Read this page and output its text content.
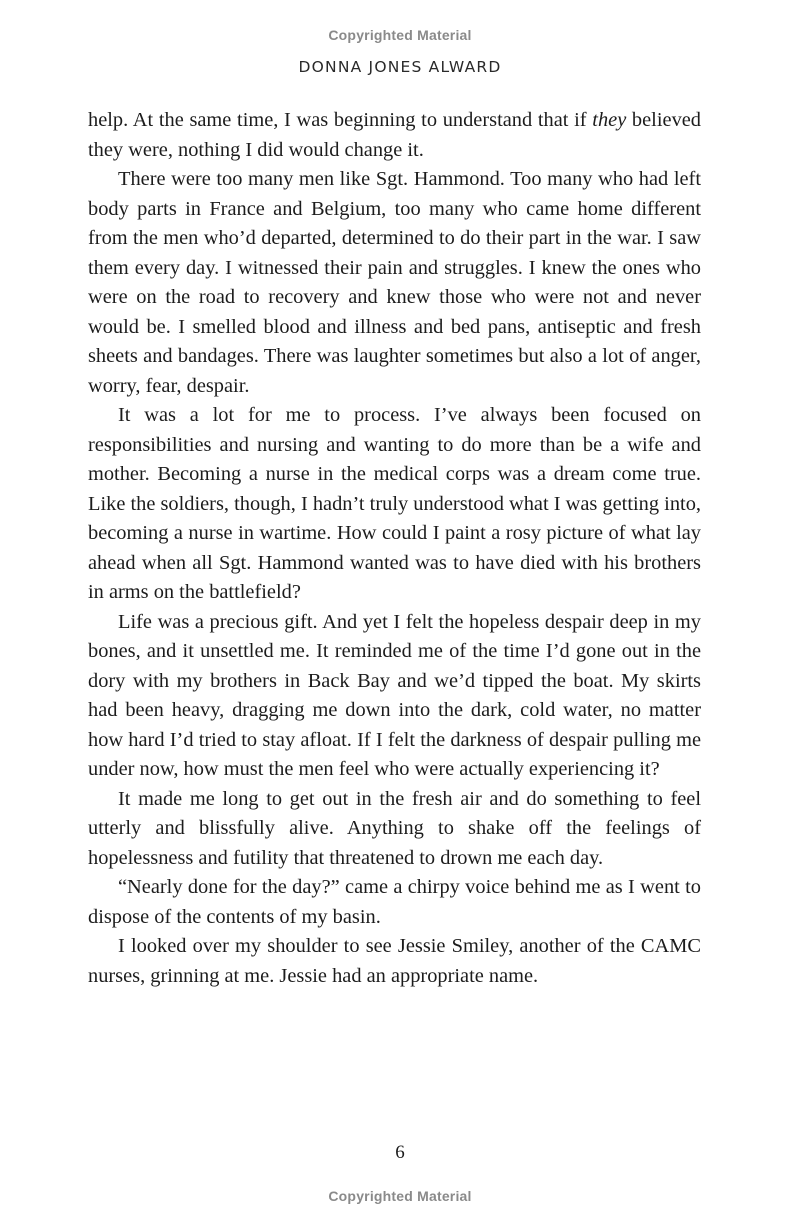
Copyrighted Material
DONNA JONES ALWARD

help. At the same time, I was beginning to understand that if they believed they were, nothing I did would change it.

There were too many men like Sgt. Hammond. Too many who had left body parts in France and Belgium, too many who came home different from the men who’d departed, determined to do their part in the war. I saw them every day. I witnessed their pain and struggles. I knew the ones who were on the road to recovery and knew those who were not and never would be. I smelled blood and illness and bed pans, antiseptic and fresh sheets and bandages. There was laughter sometimes but also a lot of anger, worry, fear, despair.

It was a lot for me to process. I’ve always been focused on responsibilities and nursing and wanting to do more than be a wife and mother. Becoming a nurse in the medical corps was a dream come true. Like the soldiers, though, I hadn’t truly understood what I was getting into, becoming a nurse in wartime. How could I paint a rosy picture of what lay ahead when all Sgt. Hammond wanted was to have died with his brothers in arms on the battlefield?

Life was a precious gift. And yet I felt the hopeless despair deep in my bones, and it unsettled me. It reminded me of the time I’d gone out in the dory with my brothers in Back Bay and we’d tipped the boat. My skirts had been heavy, dragging me down into the dark, cold water, no matter how hard I’d tried to stay afloat. If I felt the darkness of despair pulling me under now, how must the men feel who were actually experiencing it?

It made me long to get out in the fresh air and do something to feel utterly and blissfully alive. Anything to shake off the feelings of hopelessness and futility that threatened to drown me each day.

“Nearly done for the day?” came a chirpy voice behind me as I went to dispose of the contents of my basin.

I looked over my shoulder to see Jessie Smiley, another of the CAMC nurses, grinning at me. Jessie had an appropriate name.

6
Copyrighted Material
